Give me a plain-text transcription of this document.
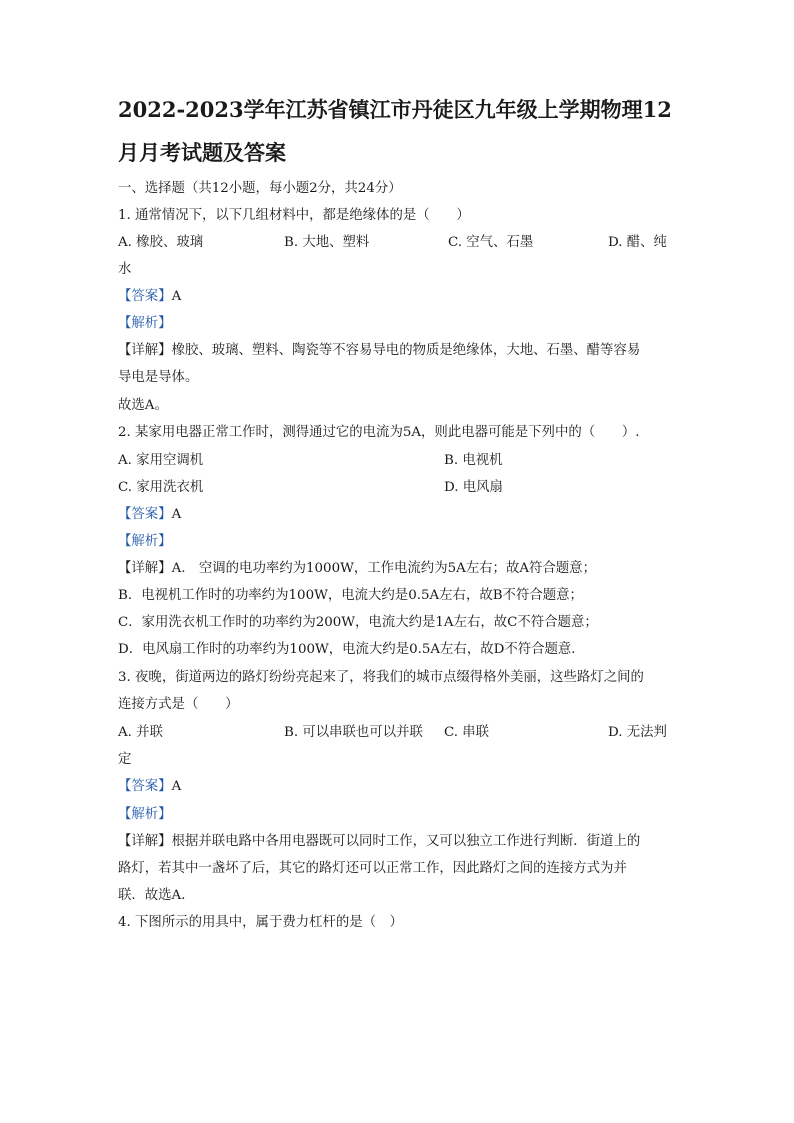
2022-2023学年江苏省镇江市丹徒区九年级上学期物理12
月月考试题及答案
一、选择题（共12小题，每小题2分，共24分）
1. 通常情况下，以下几组材料中，都是绝缘体的是（　　）
A. 橡胶、玻璃	B. 大地、塑料	C. 空气、石墨	D. 醋、纯
水
【答案】A
【解析】
【详解】橡胶、玻璃、塑料、陶瓷等不容易导电的物质是绝缘体，大地、石墨、醋等容易
导电是导体。
故选A。
2. 某家用电器正常工作时，测得通过它的电流为5A，则此电器可能是下列中的（　　）.
A. 家用空调机	B. 电视机
C. 家用洗衣机	D. 电风扇
【答案】A
【解析】
【详解】A.　空调的电功率约为1000W，工作电流约为5A左右；故A符合题意；
B．电视机工作时的功率约为100W，电流大约是0.5A左右，故B不符合题意；
C．家用洗衣机工作时的功率约为200W，电流大约是1A左右，故C不符合题意；
D．电风扇工作时的功率约为100W，电流大约是0.5A左右，故D不符合题意．
3. 夜晚，街道两边的路灯纷纷亮起来了，将我们的城市点缀得格外美丽，这些路灯之间的
连接方式是（　　）
A. 并联	B. 可以串联也可以并联 C. 串联	D. 无法判
定
【答案】A
【解析】
【详解】根据并联电路中各用电器既可以同时工作，又可以独立工作进行判断．街道上的
路灯，若其中一盏坏了后，其它的路灯还可以正常工作，因此路灯之间的连接方式为并
联．故选A．
4. 下图所示的用具中，属于费力杠杆的是（　）
